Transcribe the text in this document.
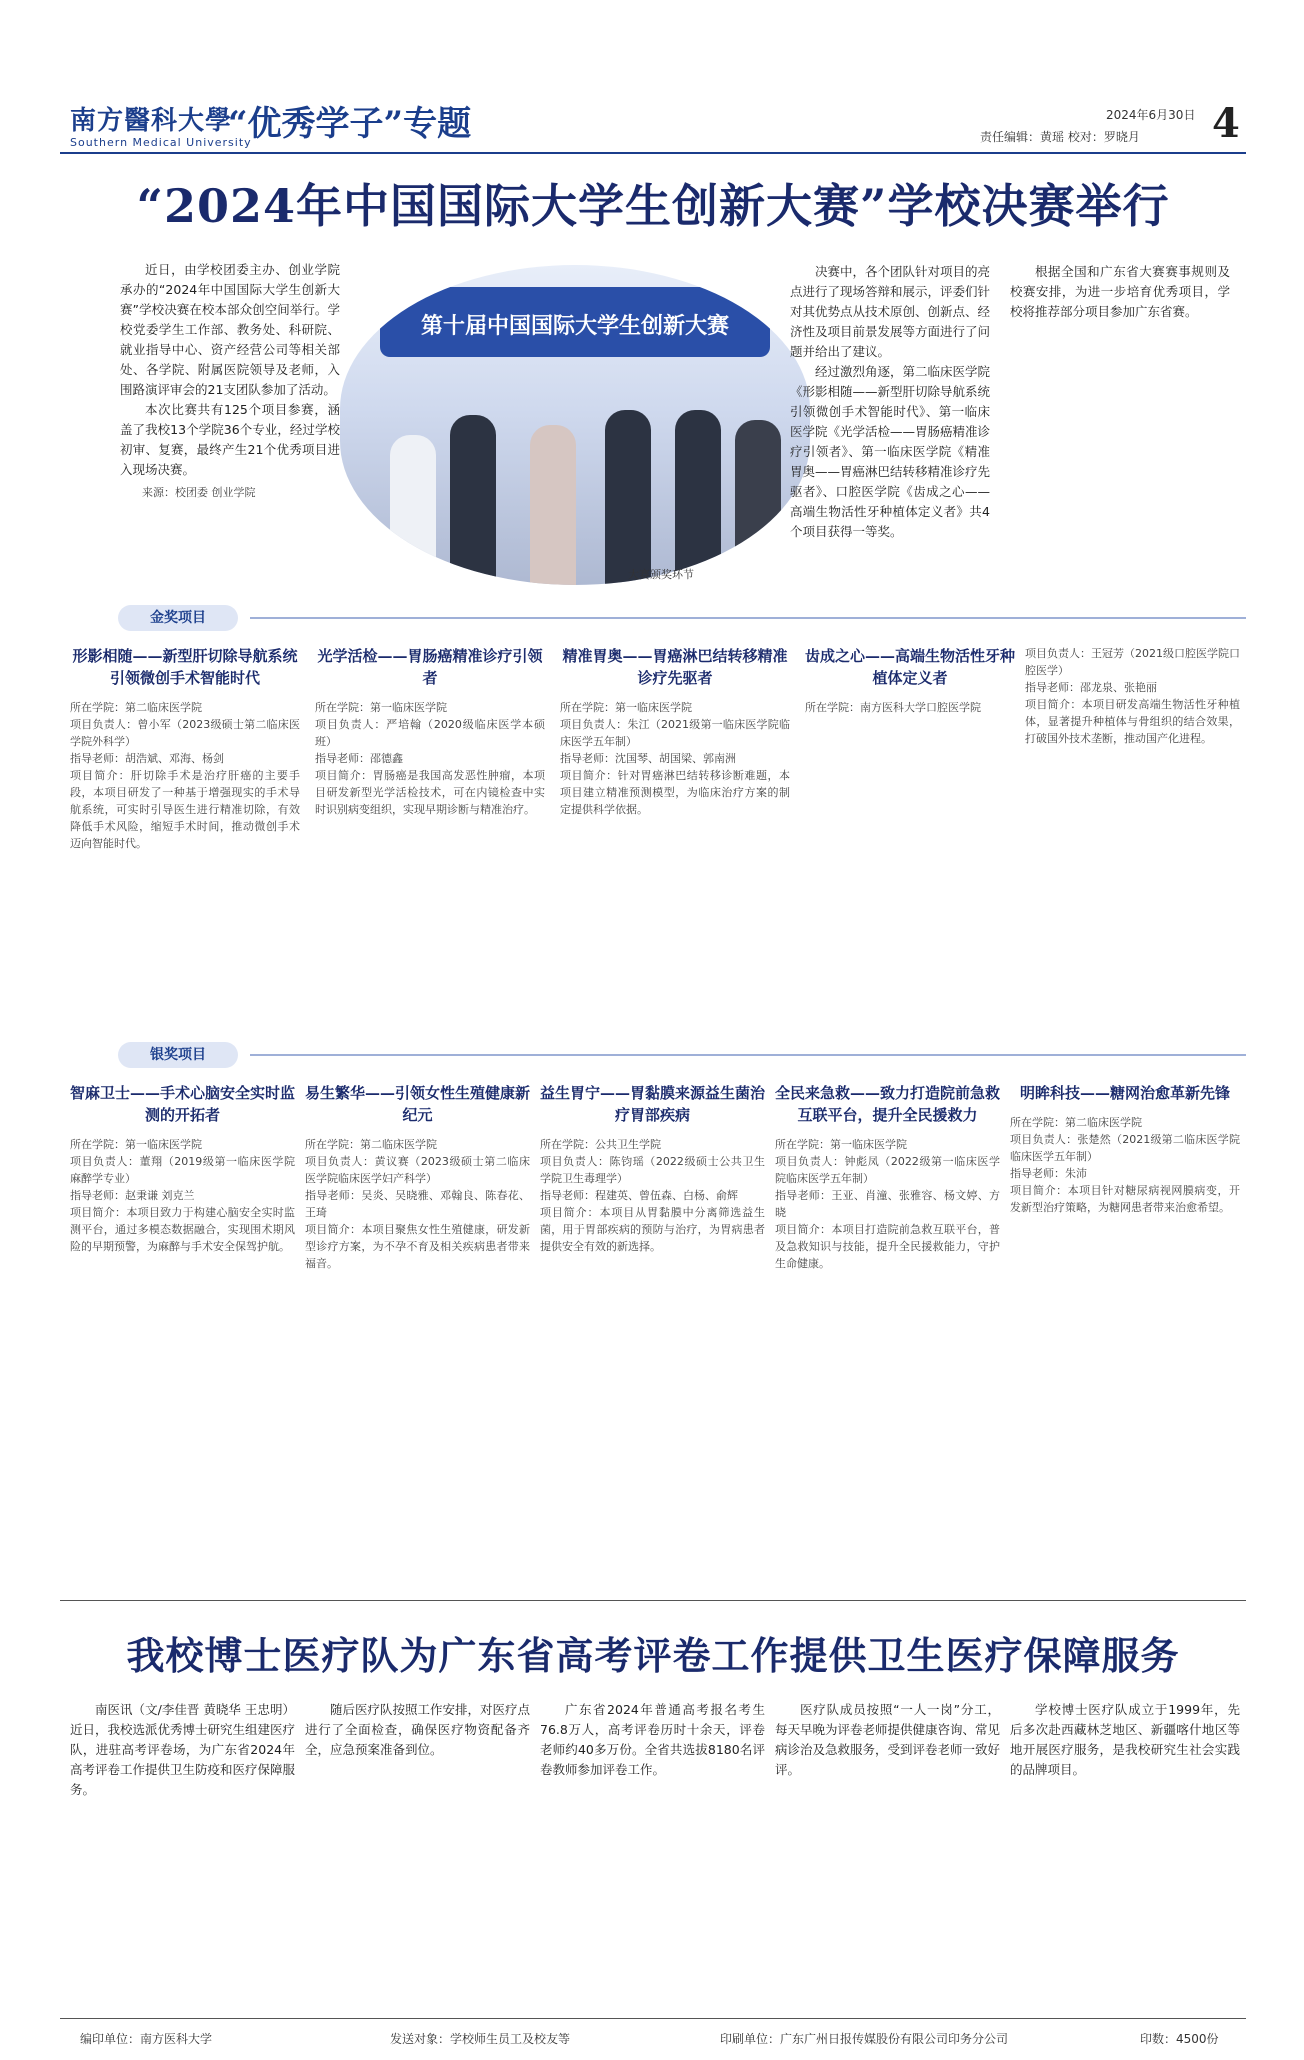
南方醫科大學
Southern Medical University
“优秀学子”专题	2024年6月30日
责任编辑：黄瑶 校对：罗晓月 4
“2024年中国国际大学生创新大赛”学校决赛举行

近日，由学校团委主办、创业学院承办的“2024年中国国际大学生创新大赛”学校决赛在校本部众创空间举行。学校党委学生工作部、教务处、科研院、就业指导中心、资产经营公司等相关部处、各学院、附属医院领导及老师，入围路演评审会的21支团队参加了活动。

本次比赛共有125个项目参赛，涵盖了我校13个学院36个专业，经过学校初审、复赛，最终产生21个优秀项目进入现场决赛。

来源：校团委 创业学院
第十届中国国际大学生创新大赛
大赛颁奖环节

决赛中，各个团队针对项目的亮点进行了现场答辩和展示，评委们针对其优势点从技术原创、创新点、经济性及项目前景发展等方面进行了问题并给出了建议。

经过激烈角逐，第二临床医学院《形影相随——新型肝切除导航系统引领微创手术智能时代》、第一临床医学院《光学活检——胃肠癌精准诊疗引领者》、第一临床医学院《精准胃奥——胃癌淋巴结转移精准诊疗先驱者》、口腔医学院《齿成之心——高端生物活性牙种植体定义者》共4个项目获得一等奖。

根据全国和广东省大赛赛事规则及校赛安排，为进一步培育优秀项目，学校将推荐部分项目参加广东省赛。

金奖项目
形影相随——新型肝切除导航系统引领微创手术智能时代
所在学院：第二临床医学院
项目负责人：曾小军（2023级硕士第二临床医学院外科学）
指导老师：胡浩斌、邓海、杨剑
项目简介：肝切除手术是治疗肝癌的主要手段，本项目研发了一种基于增强现实的手术导航系统，可实时引导医生进行精准切除，有效降低手术风险，缩短手术时间，推动微创手术迈向智能时代。
光学活检——胃肠癌精准诊疗引领者
所在学院：第一临床医学院
项目负责人：严培翰（2020级临床医学本硕班）
指导老师：邵德鑫
项目简介：胃肠癌是我国高发恶性肿瘤，本项目研发新型光学活检技术，可在内镜检查中实时识别病变组织，实现早期诊断与精准治疗。
精准胃奥——胃癌淋巴结转移精准诊疗先驱者
所在学院：第一临床医学院
项目负责人：朱江（2021级第一临床医学院临床医学五年制）
指导老师：沈国琴、胡国梁、郭南洲
项目简介：针对胃癌淋巴结转移诊断难题，本项目建立精准预测模型，为临床治疗方案的制定提供科学依据。
齿成之心——高端生物活性牙种植体定义者
所在学院：南方医科大学口腔医学院
项目负责人：王冠芳（2021级口腔医学院口腔医学）
指导老师：邵龙泉、张艳丽
项目简介：本项目研发高端生物活性牙种植体，显著提升种植体与骨组织的结合效果，打破国外技术垄断，推动国产化进程。
银奖项目
智麻卫士——手术心脑安全实时监测的开拓者
所在学院：第一临床医学院
项目负责人：董翔（2019级第一临床医学院麻醉学专业）
指导老师：赵秉谦 刘克兰
项目简介：本项目致力于构建心脑安全实时监测平台，通过多模态数据融合，实现围术期风险的早期预警，为麻醉与手术安全保驾护航。
易生繁华——引领女性生殖健康新纪元
所在学院：第二临床医学院
项目负责人：黄议赛（2023级硕士第二临床医学院临床医学妇产科学）
指导老师：吴炎、吴晓雅、邓翰良、陈春花、王琦
项目简介：本项目聚焦女性生殖健康，研发新型诊疗方案，为不孕不育及相关疾病患者带来福音。
益生胃宁——胃黏膜来源益生菌治疗胃部疾病
所在学院：公共卫生学院
项目负责人：陈钧瑶（2022级硕士公共卫生学院卫生毒理学）
指导老师：程建英、曾伍森、白杨、俞辉
项目简介：本项目从胃黏膜中分离筛选益生菌，用于胃部疾病的预防与治疗，为胃病患者提供安全有效的新选择。
全民来急救——致力打造院前急救互联平台，提升全民援救力
所在学院：第一临床医学院
项目负责人：钟彪凤（2022级第一临床医学院临床医学五年制）
指导老师：王亚、肖潼、张雅容、杨文婷、方晓
项目简介：本项目打造院前急救互联平台，普及急救知识与技能，提升全民援救能力，守护生命健康。
明眸科技——糖网治愈革新先锋
所在学院：第二临床医学院
项目负责人：张楚然（2021级第二临床医学院临床医学五年制）
指导老师：朱沛
项目简介：本项目针对糖尿病视网膜病变，开发新型治疗策略，为糖网患者带来治愈希望。
我校博士医疗队为广东省高考评卷工作提供卫生医疗保障服务

南医讯（文/李佳晋 黄晓华 王忠明）近日，我校选派优秀博士研究生组建医疗队，进驻高考评卷场，为广东省2024年高考评卷工作提供卫生防疫和医疗保障服务。

随后医疗队按照工作安排，对医疗点进行了全面检查，确保医疗物资配备齐全，应急预案准备到位。

广东省2024年普通高考报名考生76.8万人，高考评卷历时十余天，评卷老师约40多万份。全省共选拔8180名评卷教师参加评卷工作。

医疗队成员按照“一人一岗”分工，每天早晚为评卷老师提供健康咨询、常见病诊治及急救服务，受到评卷老师一致好评。

学校博士医疗队成立于1999年，先后多次赴西藏林芝地区、新疆喀什地区等地开展医疗服务，是我校研究生社会实践的品牌项目。

编印单位：南方医科大学	发送对象：学校师生员工及校友等	印刷单位：广东广州日报传媒股份有限公司印务分公司	印数：4500份
